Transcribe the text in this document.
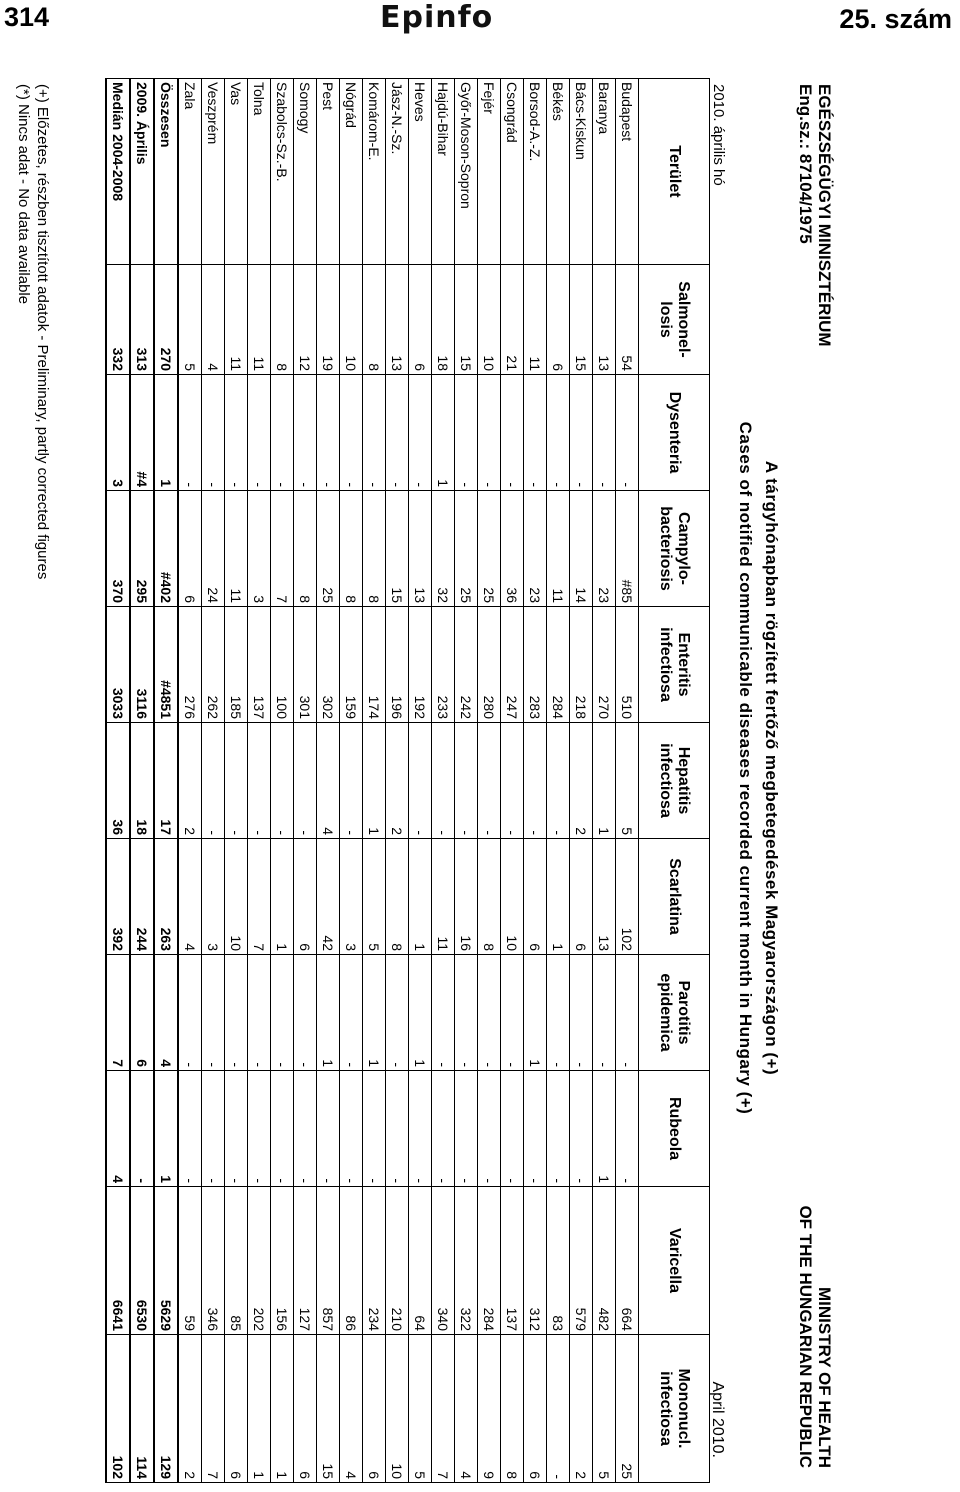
314	Epinfo	25. szám
EGÉSZSÉGÜGYI MINISZTÉRIUM
Eng.sz.: 87104/1975
MINISTRY OF HEALTH
OF THE HUNGARIAN REPUBLIC
A tárgyhónapban rögzített fertőző megbetegedések Magyarországon (+)
Cases of notified communicable diseases recorded current month in Hungary (+)
2010. április hó
April 2010.
Terület	Salmonel-losis	Dysenteria	Campylo-bacteriosis	Enteritis infectiosa	Hepatitis infectiosa	Scarlatina	Parotitis epidemica	Rubeola	Varicella	Mononucl. infectiosa
Budapest	54	-	#85	510	5	102	-	-	664	25
Baranya	13	-	23	270	1	13	-	1	482	5
Bács-Kiskun	15	-	14	218	2	6	-	-	579	2
Békés	6	-	11	284	-	1	-	-	83	-
Borsod-A.-Z.	11	-	23	283	-	6	1	-	312	6
Csongrád	21	-	36	247	-	10	-	-	137	8
Fejér	10	-	25	280	-	8	-	-	284	9
Győr-Moson-Sopron	15	-	25	242	-	16	-	-	322	4
Hajdú-Bihar	18	1	32	233	-	11	-	-	340	7
Heves	6	-	13	192	-	1	1	-	64	5
Jász-N.-Sz.	13	-	15	196	2	8	-	-	210	10
Komárom-E.	8	-	8	174	1	5	1	-	234	6
Nógrád	10	-	8	159	-	3	-	-	86	4
Pest	19	-	25	302	4	42	1	-	857	15
Somogy	12	-	8	301	-	6	-	-	127	6
Szabolcs-Sz.-B.	8	-	7	100	-	1	-	-	156	1
Tolna	11	-	3	137	-	7	-	-	202	1
Vas	11	-	11	185	-	10	-	-	85	6
Veszprém	4	-	24	262	-	3	-	-	346	7
Zala	5	-	6	276	2	4	-	-	59	2
Összesen	270	1	#402	#4851	17	263	4	1	5629	129
2009. Április	313	#4	295	3116	18	244	6	-	6530	114
Medián 2004-2008	332	3	370	3033	36	392	7	4	6641	102
(+) Előzetes, részben tisztított adatok - Preliminary, partly corrected figures
(*) Nincs adat - No data available
